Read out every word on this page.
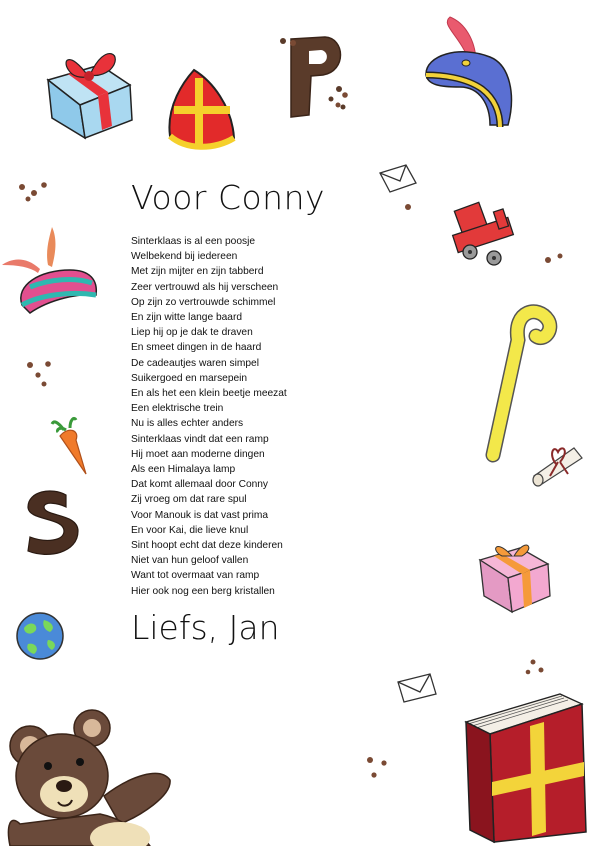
Voor Conny
Sinterklaas is al een poosje
Welbekend bij iedereen
Met zijn mijter en zijn tabberd
Zeer vertrouwd als hij verscheen
Op zijn zo vertrouwde schimmel
En zijn witte lange baard
Liep hij op je dak te draven
En smeet dingen in de haard
De cadeautjes waren simpel
Suikergoed en marsepein
En als het een klein beetje meezat
Een elektrische trein
Nu is alles echter anders
Sinterklaas vindt dat een ramp
Hij moet aan moderne dingen
Als een Himalaya lamp
Dat komt allemaal door Conny
Zij vroeg om dat rare spul
Voor Manouk is dat vast prima
En voor Kai, die lieve knul
Sint hoopt echt dat deze kinderen
Niet van hun geloof vallen
Want tot overmaat van ramp
Hier ook nog een berg kristallen
Liefs, Jan
